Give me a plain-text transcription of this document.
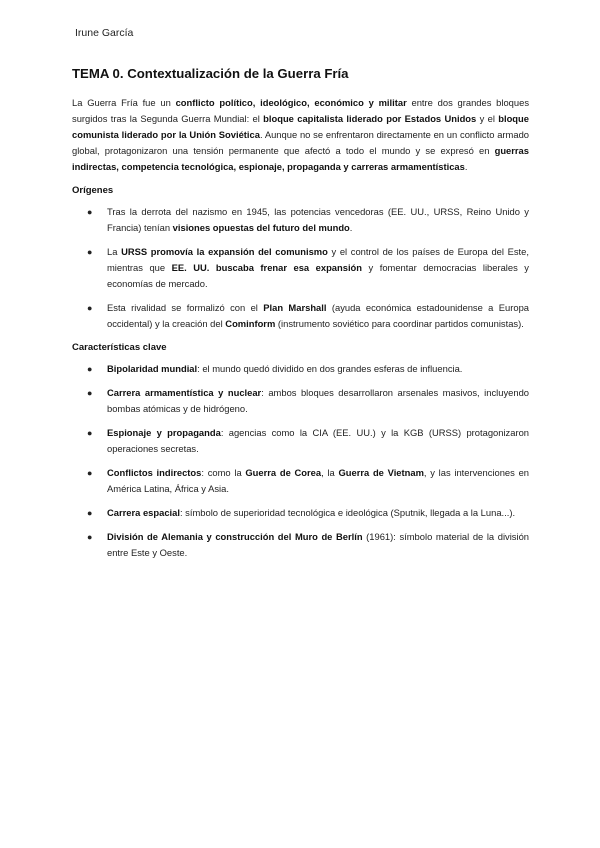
Irune García
TEMA 0. Contextualización de la Guerra Fría

La Guerra Fría fue un conflicto político, ideológico, económico y militar entre dos grandes bloques surgidos tras la Segunda Guerra Mundial: el bloque capitalista liderado por Estados Unidos y el bloque comunista liderado por la Unión Soviética. Aunque no se enfrentaron directamente en un conflicto armado global, protagonizaron una tensión permanente que afectó a todo el mundo y se expresó en guerras indirectas, competencia tecnológica, espionaje, propaganda y carreras armamentísticas.

Orígenes
● Tras la derrota del nazismo en 1945, las potencias vencedoras (EE. UU., URSS, Reino Unido y Francia) tenían visiones opuestas del futuro del mundo.
● La URSS promovía la expansión del comunismo y el control de los países de Europa del Este, mientras que EE. UU. buscaba frenar esa expansión y fomentar democracias liberales y economías de mercado.
● Esta rivalidad se formalizó con el Plan Marshall (ayuda económica estadounidense a Europa occidental) y la creación del Cominform (instrumento soviético para coordinar partidos comunistas).
Características clave
● Bipolaridad mundial: el mundo quedó dividido en dos grandes esferas de influencia.
● Carrera armamentística y nuclear: ambos bloques desarrollaron arsenales masivos, incluyendo bombas atómicas y de hidrógeno.
● Espionaje y propaganda: agencias como la CIA (EE. UU.) y la KGB (URSS) protagonizaron operaciones secretas.
● Conflictos indirectos: como la Guerra de Corea, la Guerra de Vietnam, y las intervenciones en América Latina, África y Asia.
● Carrera espacial: símbolo de superioridad tecnológica e ideológica (Sputnik, llegada a la Luna...).
● División de Alemania y construcción del Muro de Berlín (1961): símbolo material de la división entre Este y Oeste.
